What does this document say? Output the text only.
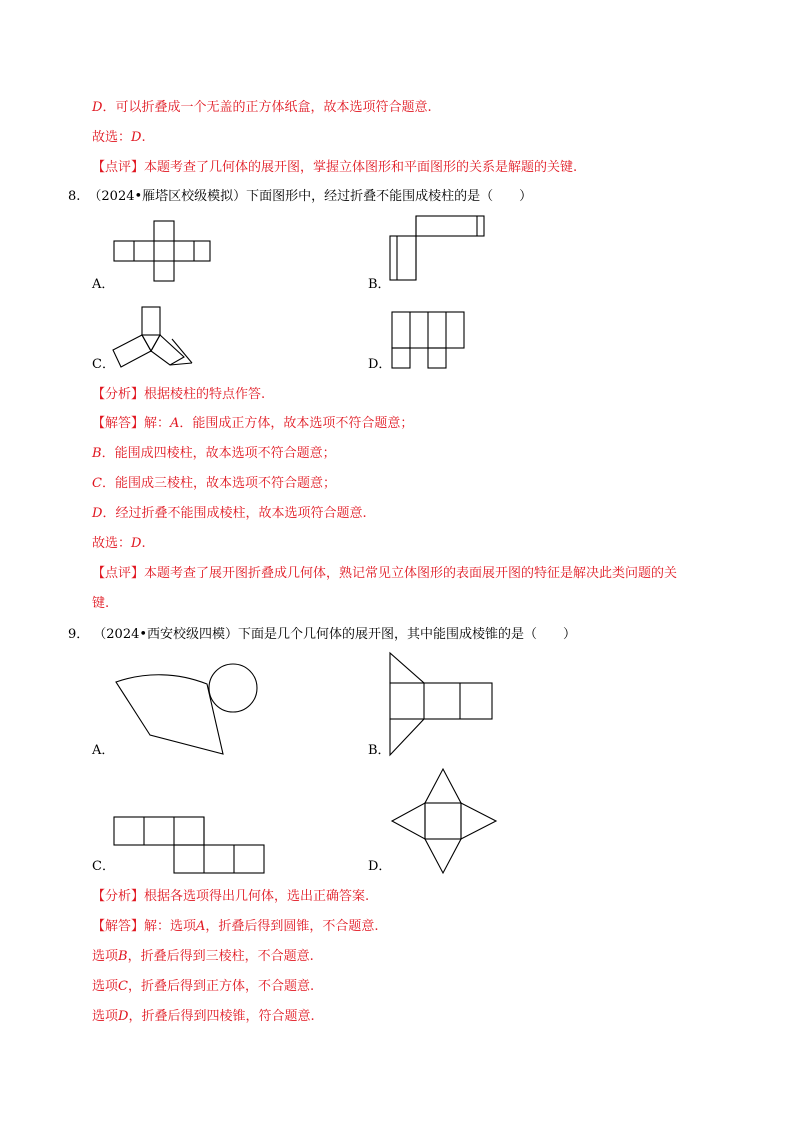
D．可以折叠成一个无盖的正方体纸盒，故本选项符合题意.
故选：D.
【点评】本题考查了几何体的展开图，掌握立体图形和平面图形的关系是解题的关键.
8. （2024•雁塔区校级模拟）下面图形中，经过折叠不能围成棱柱的是（　　）
A．	B．
C．	D．
【分析】根据棱柱的特点作答.
【解答】解：A．能围成正方体，故本选项不符合题意；
B．能围成四棱柱，故本选项不符合题意；
C．能围成三棱柱，故本选项不符合题意；
D．经过折叠不能围成棱柱，故本选项符合题意.
故选：D.
【点评】本题考查了展开图折叠成几何体，熟记常见立体图形的表面展开图的特征是解决此类问题的关
键.
9． （2024•西安校级四模）下面是几个几何体的展开图，其中能围成棱锥的是（　　）
A．	B．
C．	D．
【分析】根据各选项得出几何体，选出正确答案.
【解答】解：选项A，折叠后得到圆锥，不合题意.
选项B，折叠后得到三棱柱，不合题意.
选项C，折叠后得到正方体，不合题意.
选项D，折叠后得到四棱锥，符合题意.
